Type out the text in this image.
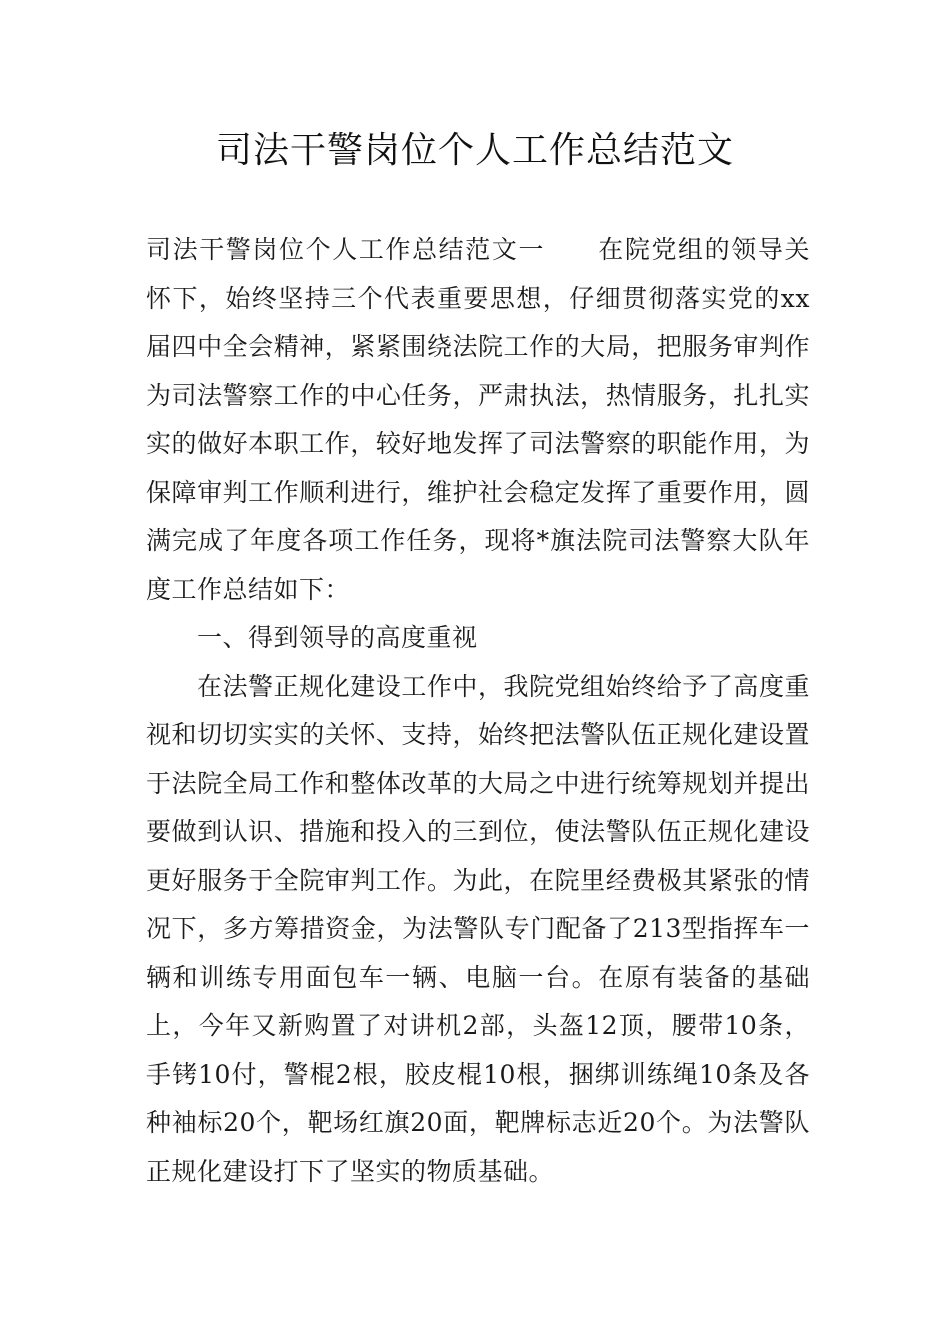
司法干警岗位个人工作总结范文

司法干警岗位个人工作总结范文一 在院党组的领导关怀下，始终坚持三个代表重要思想，仔细贯彻落实党的xx届四中全会精神，紧紧围绕法院工作的大局，把服务审判作为司法警察工作的中心任务，严肃执法，热情服务，扎扎实实的做好本职工作，较好地发挥了司法警察的职能作用，为保障审判工作顺利进行，维护社会稳定发挥了重要作用，圆满完成了年度各项工作任务，现将*旗法院司法警察大队年度工作总结如下：

一、得到领导的高度重视

在法警正规化建设工作中，我院党组始终给予了高度重视和切切实实的关怀、支持，始终把法警队伍正规化建设置于法院全局工作和整体改革的大局之中进行统筹规划并提出要做到认识、措施和投入的三到位，使法警队伍正规化建设更好服务于全院审判工作。为此，在院里经费极其紧张的情况下，多方筹措资金，为法警队专门配备了213型指挥车一辆和训练专用面包车一辆、电脑一台。在原有装备的基础上，今年又新购置了对讲机2部，头盔12顶，腰带10条，手铐10付，警棍2根，胶皮棍10根，捆绑训练绳10条及各种袖标20个，靶场红旗20面，靶牌标志近20个。为法警队正规化建设打下了坚实的物质基础。
